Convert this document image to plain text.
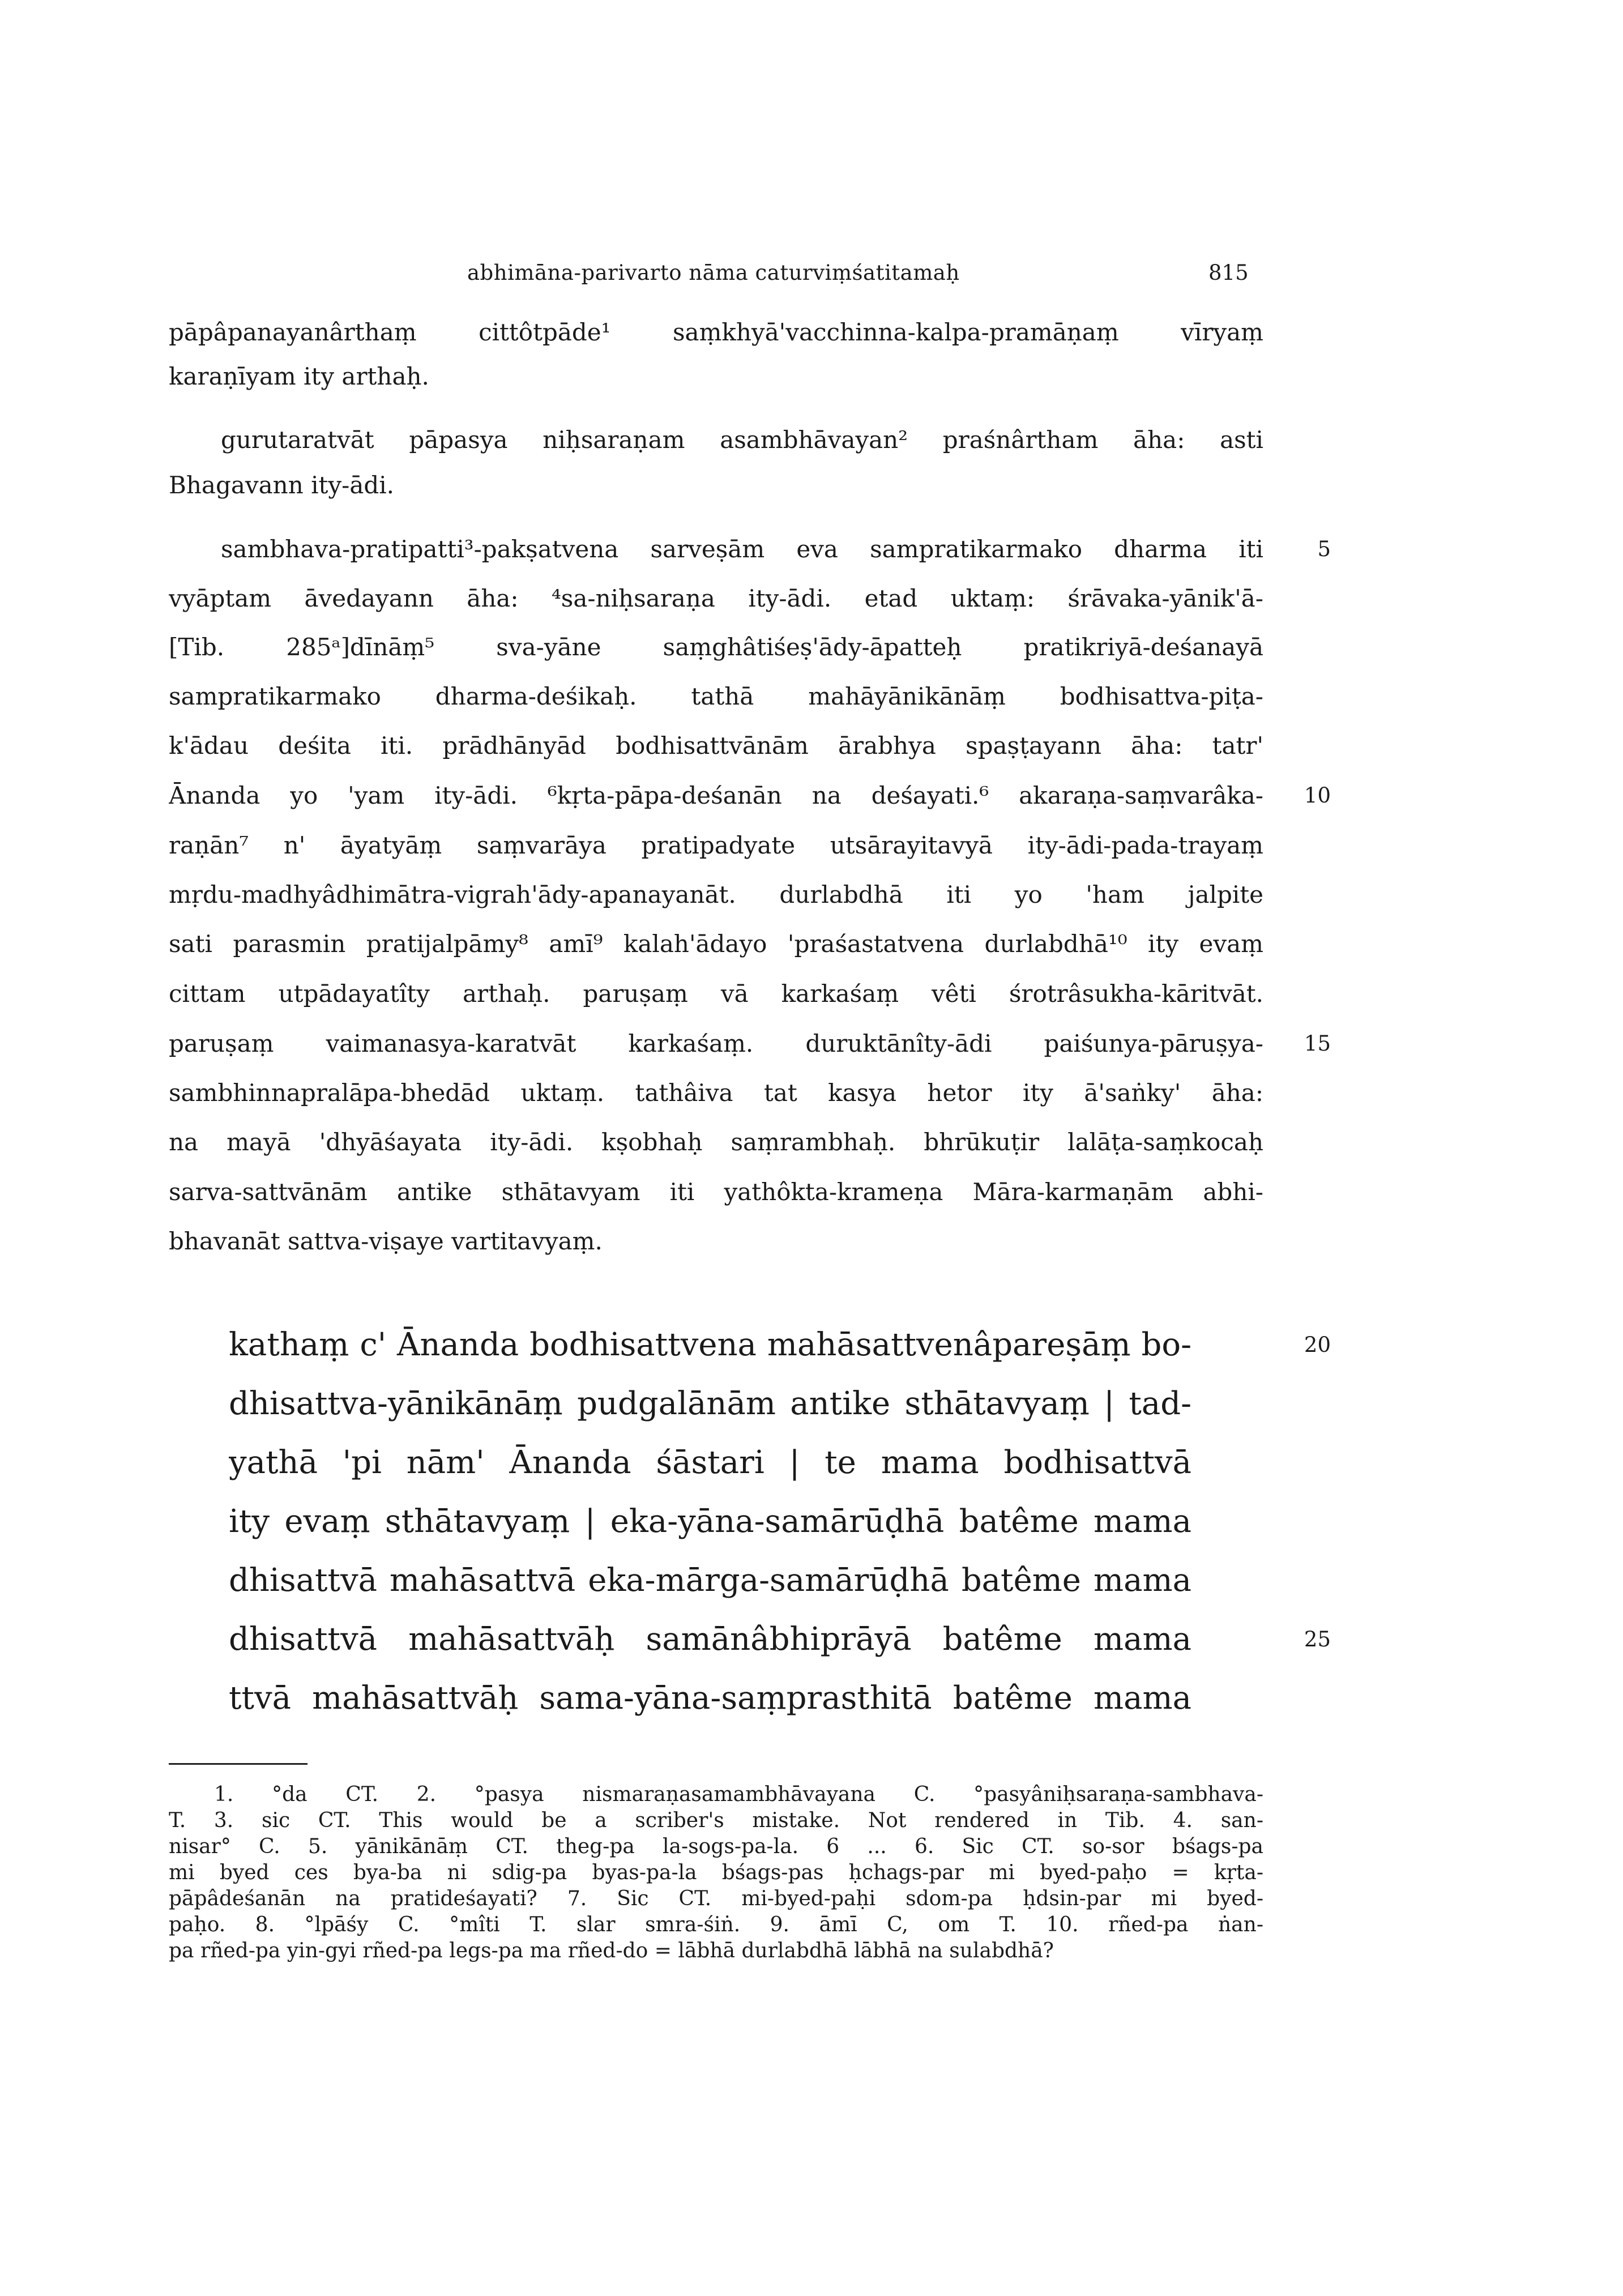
abhimāna-parivarto nāma caturviṃśatitamaḥ	815
pāpâpanayanârthaṃ cittôtpāde¹ saṃkhyā'vacchinna-kalpa-pramāṇaṃ vīryaṃ
karaṇīyam ity arthaḥ.
gurutaratvāt pāpasya niḥsaraṇam asambhāvayan² praśnârtham āha: asti
Bhagavann ity-ādi.
sambhava-pratipatti³-pakṣatvena sarveṣām eva sampratikarmako dharma iti	5
vyāptam āvedayann āha: ⁴sa-niḥsaraṇa ity-ādi. etad uktaṃ: śrāvaka-yānik'ā-
[Tib. 285ᵃ]dīnāṃ⁵ sva-yāne saṃghâtiśeṣ'ādy-āpatteḥ pratikriyā-deśanayā
sampratikarmako dharma-deśikaḥ. tathā mahāyānikānāṃ bodhisattva-piṭa-
k'ādau deśita iti. prādhānyād bodhisattvānām ārabhya spaṣṭayann āha: tatr'
Ānanda yo 'yam ity-ādi. ⁶kṛta-pāpa-deśanān na deśayati.⁶ akaraṇa-saṃvarâka-	10
raṇān⁷ n' āyatyāṃ saṃvarāya pratipadyate utsārayitavyā ity-ādi-pada-trayaṃ
mṛdu-madhyâdhimātra-vigrah'ādy-apanayanāt. durlabdhā iti yo 'ham jalpite
sati parasmin pratijalpāmy⁸ amī⁹ kalah'ādayo 'praśastatvena durlabdhā¹⁰ ity evaṃ
cittam utpādayatîty arthaḥ. paruṣaṃ vā karkaśaṃ vêti śrotrâsukha-kāritvāt.
paruṣaṃ vaimanasya-karatvāt karkaśaṃ. duruktānîty-ādi paiśunya-pāruṣya-	15
sambhinnapralāpa-bhedād uktaṃ. tathâiva tat kasya hetor ity ā'saṅky' āha:
na mayā 'dhyāśayata ity-ādi. kṣobhaḥ saṃrambhaḥ. bhrūkuṭir lalāṭa-saṃkocaḥ
sarva-sattvānām antike sthātavyam iti yathôkta-krameṇa Māra-karmaṇām abhi-
bhavanāt sattva-viṣaye vartitavyaṃ.
kathaṃ c' Ānanda bodhisattvena mahāsattvenâpareṣāṃ bo-	20
dhisattva-yānikānāṃ pudgalānām antike sthātavyaṃ | tad-
yathā 'pi nām' Ānanda śāstari | te mama bodhisattvā
ity evaṃ sthātavyaṃ | eka-yāna-samārūḍhā batême mama
dhisattvā mahāsattvā eka-mārga-samārūḍhā batême mama
dhisattvā mahāsattvāḥ samānâbhiprāyā batême mama	25
ttvā mahāsattvāḥ sama-yāna-saṃprasthitā batême mama
1. °da CT. 2. °pasya nismaraṇasamambhāvayana C. °pasyâniḥsaraṇa-sambhava-
T. 3. sic CT. This would be a scriber's mistake. Not rendered in Tib. 4. san-
nisar° C. 5. yānikānāṃ CT. theg-pa la-sogs-pa-la. 6 ... 6. Sic CT. so-sor bśags-pa
mi byed ces bya-ba ni sdig-pa byas-pa-la bśags-pas ḥchags-par mi byed-paḥo = kṛta-
pāpâdeśanān na pratideśayati? 7. Sic CT. mi-byed-paḥi sdom-pa ḥdsin-par mi byed-
paḥo. 8. °lpāśy C. °mîti T. slar smra-śiṅ. 9. āmī C, om T. 10. rñed-pa ṅan-
pa rñed-pa yin-gyi rñed-pa legs-pa ma rñed-do = lābhā durlabdhā lābhā na sulabdhā?
